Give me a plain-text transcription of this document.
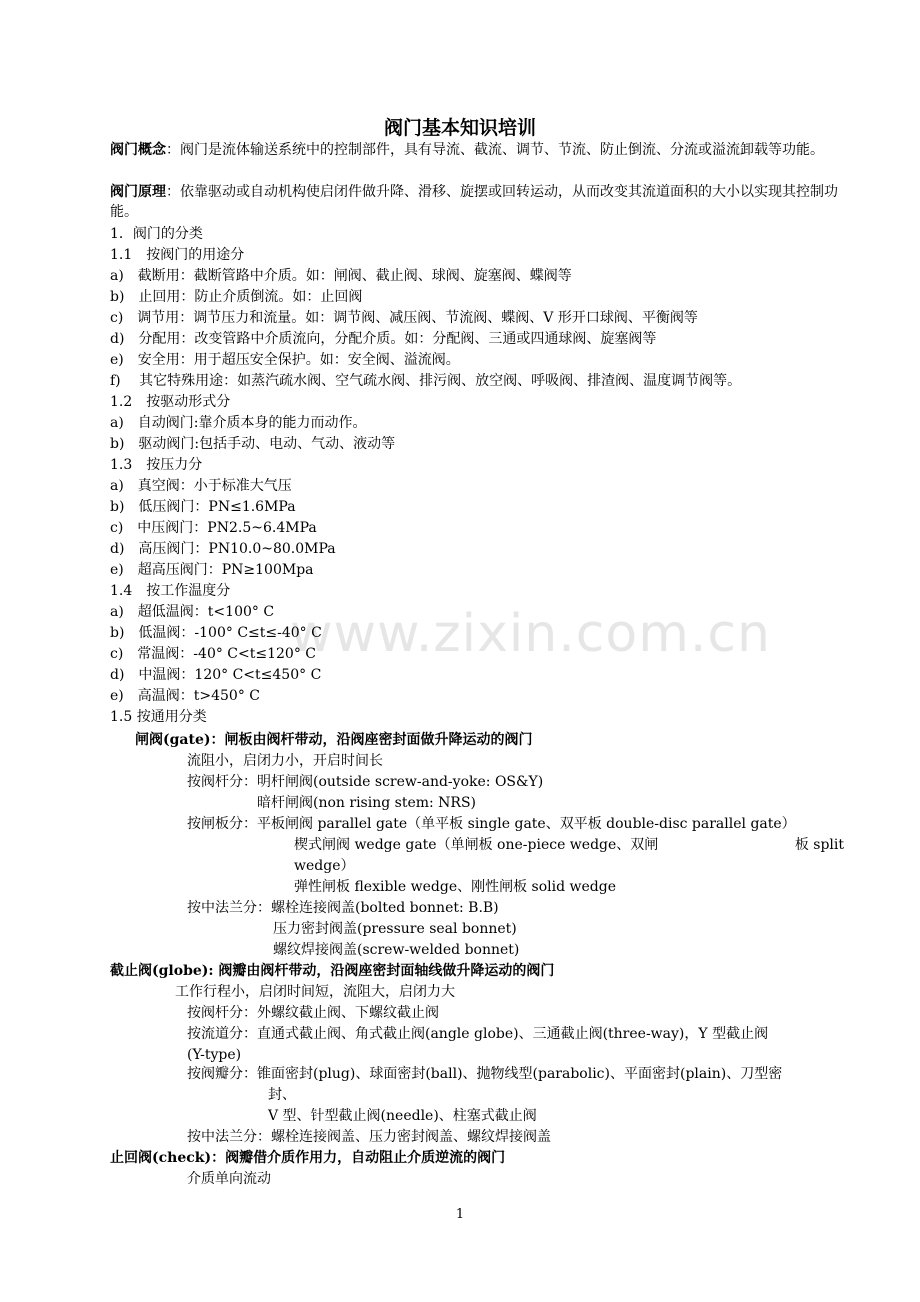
www.zixin.com.cn
阀门基本知识培训
阀门概念：阀门是流体输送系统中的控制部件，具有导流、截流、调节、节流、防止倒流、分流或溢流卸载等功能。
阀门原理：依靠驱动或自动机构使启闭件做升降、滑移、旋摆或回转运动，从而改变其流道面积的大小以实现其控制功能。
1．阀门的分类
1.1　按阀门的用途分
a)　截断用：截断管路中介质。如：闸阀、截止阀、球阀、旋塞阀、蝶阀等
b)　止回用：防止介质倒流。如：止回阀
c)　调节用：调节压力和流量。如：调节阀、减压阀、节流阀、蝶阀、V 形开口球阀、平衡阀等
d)　分配用：改变管路中介质流向，分配介质。如：分配阀、三通或四通球阀、旋塞阀等
e)　安全用：用于超压安全保护。如：安全阀、溢流阀。
f)　 其它特殊用途：如蒸汽疏水阀、空气疏水阀、排污阀、放空阀、呼吸阀、排渣阀、温度调节阀等。
1.2　按驱动形式分
a)　自动阀门:靠介质本身的能力而动作。
b)　驱动阀门:包括手动、电动、气动、液动等
1.3　按压力分
a)　真空阀：小于标准大气压
b)　低压阀门：PN≤1.6MPa
c)　中压阀门：PN2.5~6.4MPa
d)　高压阀门：PN10.0~80.0MPa
e)　超高压阀门：PN≥100Mpa
1.4　按工作温度分
a)　超低温阀：t<100° C
b)　低温阀：-100° C≤t≤-40° C
c)　常温阀：-40° C<t≤120° C
d)　中温阀：120° C<t≤450° C
e)　高温阀：t>450° C
1.5 按通用分类
闸阀(gate)：闸板由阀杆带动，沿阀座密封面做升降运动的阀门
流阻小，启闭力小，开启时间长
按阀杆分：明杆闸阀(outside screw-and-yoke: OS&Y)
暗杆闸阀(non rising stem: NRS)
按闸板分：平板闸阀 parallel gate（单平板 single gate、双平板 double-disc parallel gate）
楔式闸阀 wedge gate（单闸板 one-piece wedge、双闸	板 split
wedge）
弹性闸板 flexible wedge、刚性闸板 solid wedge
按中法兰分：螺栓连接阀盖(bolted bonnet: B.B)
压力密封阀盖(pressure seal bonnet)
螺纹焊接阀盖(screw-welded bonnet)
截止阀(globe): 阀瓣由阀杆带动，沿阀座密封面轴线做升降运动的阀门
工作行程小，启闭时间短，流阻大，启闭力大
按阀杆分：外螺纹截止阀、下螺纹截止阀
按流道分：直通式截止阀、角式截止阀(angle globe)、三通截止阀(three-way)，Y 型截止阀
(Y-type)
按阀瓣分：锥面密封(plug)、球面密封(ball)、抛物线型(parabolic)、平面密封(plain)、刀型密
封、
V 型、针型截止阀(needle)、柱塞式截止阀
按中法兰分：螺栓连接阀盖、压力密封阀盖、螺纹焊接阀盖
止回阀(check)：阀瓣借介质作用力，自动阻止介质逆流的阀门
介质单向流动
1
